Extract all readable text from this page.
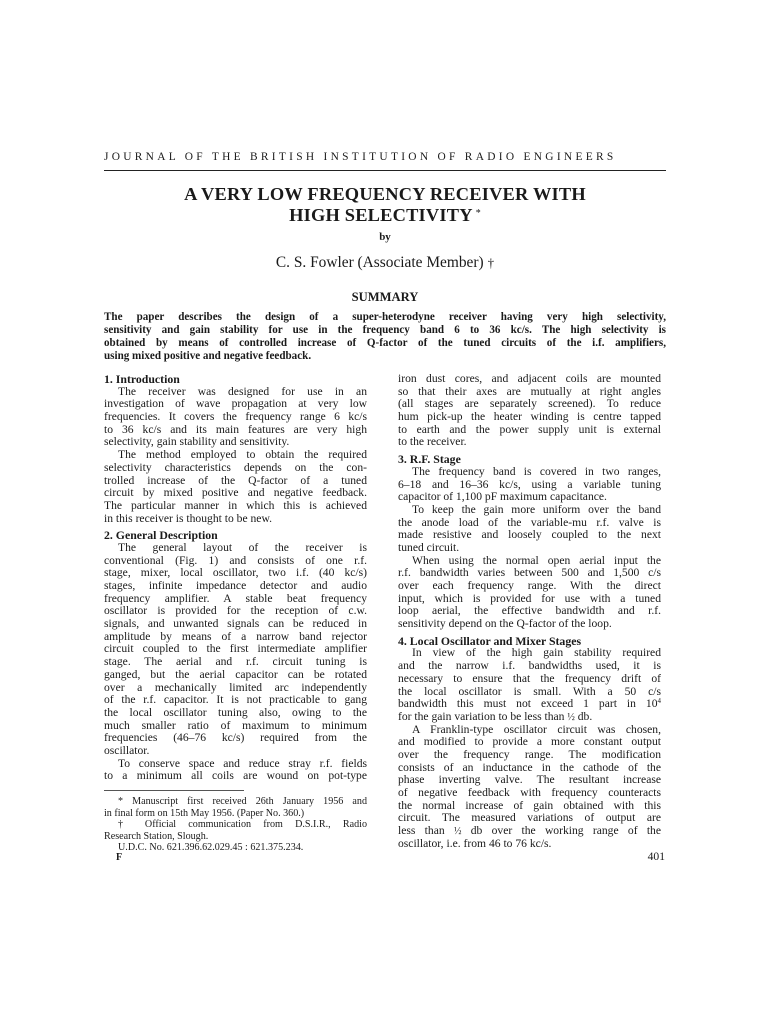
JOURNAL OF THE BRITISH INSTITUTION OF RADIO ENGINEERS
A VERY LOW FREQUENCY RECEIVER WITH
HIGH SELECTIVITY *
by
C. S. Fowler (Associate Member) †
SUMMARY
The paper describes the design of a super-heterodyne receiver having very high selectivity,
sensitivity and gain stability for use in the frequency band 6 to 36 kc/s. The high selectivity is
obtained by means of controlled increase of Q-factor of the tuned circuits of the i.f. amplifiers,
using mixed positive and negative feedback.
1. Introduction
The receiver was designed for use in an
investigation of wave propagation at very low
frequencies. It covers the frequency range 6 kc/s
to 36 kc/s and its main features are very high
selectivity, gain stability and sensitivity.
The method employed to obtain the required
selectivity characteristics depends on the con-
trolled increase of the Q-factor of a tuned
circuit by mixed positive and negative feedback.
The particular manner in which this is achieved
in this receiver is thought to be new.
2. General Description
The general layout of the receiver is
conventional (Fig. 1) and consists of one r.f.
stage, mixer, local oscillator, two i.f. (40 kc/s)
stages, infinite impedance detector and audio
frequency amplifier. A stable beat frequency
oscillator is provided for the reception of c.w.
signals, and unwanted signals can be reduced in
amplitude by means of a narrow band rejector
circuit coupled to the first intermediate amplifier
stage. The aerial and r.f. circuit tuning is
ganged, but the aerial capacitor can be rotated
over a mechanically limited arc independently
of the r.f. capacitor. It is not practicable to gang
the local oscillator tuning also, owing to the
much smaller ratio of maximum to minimum
frequencies (46–76 kc/s) required from the
oscillator.
To conserve space and reduce stray r.f. fields
to a minimum all coils are wound on pot-type
iron dust cores, and adjacent coils are mounted
so that their axes are mutually at right angles
(all stages are separately screened). To reduce
hum pick-up the heater winding is centre tapped
to earth and the power supply unit is external
to the receiver.
3. R.F. Stage
The frequency band is covered in two ranges,
6–18 and 16–36 kc/s, using a variable tuning
capacitor of 1,100 pF maximum capacitance.
To keep the gain more uniform over the band
the anode load of the variable-mu r.f. valve is
made resistive and loosely coupled to the next
tuned circuit.
When using the normal open aerial input the
r.f. bandwidth varies between 500 and 1,500 c/s
over each frequency range. With the direct
input, which is provided for use with a tuned
loop aerial, the effective bandwidth and r.f.
sensitivity depend on the Q-factor of the loop.
4. Local Oscillator and Mixer Stages
In view of the high gain stability required
and the narrow i.f. bandwidths used, it is
necessary to ensure that the frequency drift of
the local oscillator is small. With a 50 c/s
bandwidth this must not exceed 1 part in $10^4$
for the gain variation to be less than ½ db.
A Franklin-type oscillator circuit was chosen,
and modified to provide a more constant output
over the frequency range. The modification
consists of an inductance in the cathode of the
phase inverting valve. The resultant increase
of negative feedback with frequency counteracts
the normal increase of gain obtained with this
circuit. The measured variations of output are
less than ½ db over the working range of the
oscillator, i.e. from 46 to 76 kc/s.
* Manuscript first received 26th January 1956 and
in final form on 15th May 1956. (Paper No. 360.)
† Official communication from D.S.I.R., Radio
Research Station, Slough.
U.D.C. No. 621.396.62.029.45 : 621.375.234.
F	401
